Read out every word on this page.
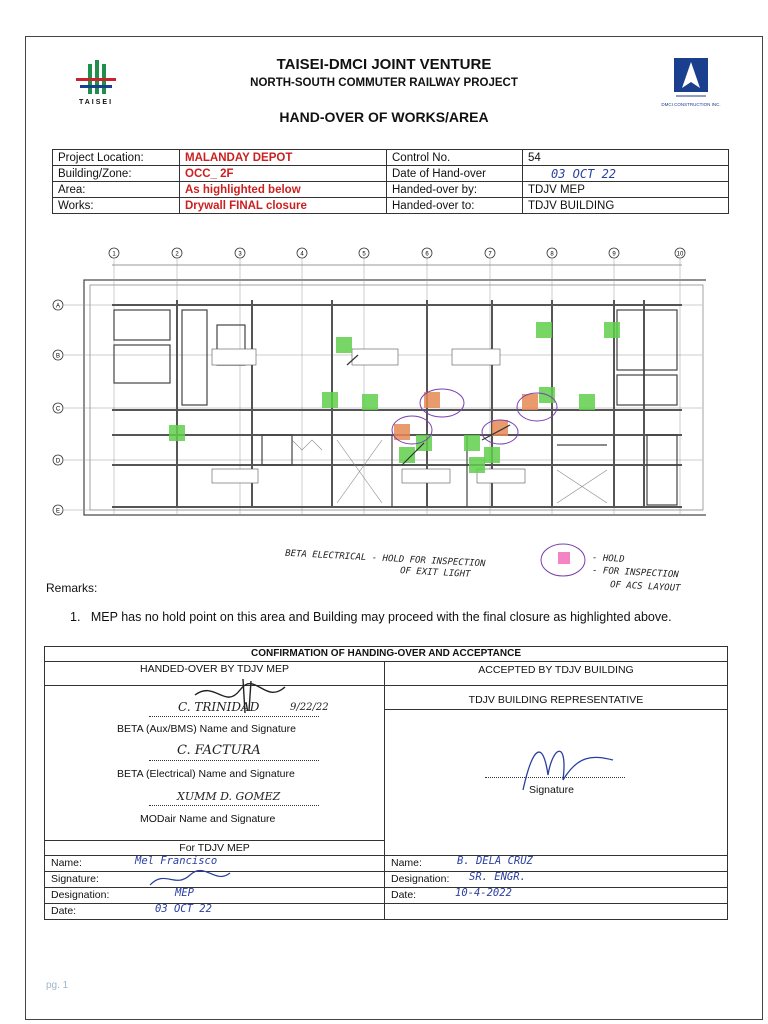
TAISEI	DMCI CONSTRUCTION INC.
TAISEI-DMCI JOINT VENTURE
NORTH-SOUTH COMMUTER RAILWAY PROJECT
HAND-OVER OF WORKS/AREA
Project Location:	MALANDAY DEPOT	Control No.	54
Building/Zone:	OCC_ 2F	Date of Hand-over	03 OCT 22
Area:	As highlighted below	Handed-over by:	TDJV MEP
Works:	Drywall FINAL closure	Handed-over to:	TDJV BUILDING
1	2	3	4	5	6	7	8	9	10
A
B
C
D
E
BETA ELECTRICAL - HOLD FOR INSPECTION
OF EXIT LIGHT
- HOLD
- FOR INSPECTION
OF ACS LAYOUT
Remarks:
1. MEP has no hold point on this area and Building may proceed with the final closure as highlighted above.
CONFIRMATION OF HANDING-OVER AND ACCEPTANCE
HANDED-OVER BY TDJV MEP	ACCEPTED BY TDJV BUILDING
TDJV BUILDING REPRESENTATIVE
C. TRINIDAD	9/22/22
BETA (Aux/BMS) Name and Signature
C. FACTURA
BETA (Electrical) Name and Signature
XUMM D. GOMEZ
MODair Name and Signature
Signature
For TDJV MEP
Name:	Mel Francisco
Signature:
Designation:	MEP
Date:	03 OCT 22
Name:	B. DELA CRUZ
Designation: SR. ENGR.
Date:	10-4-2022
pg. 1
